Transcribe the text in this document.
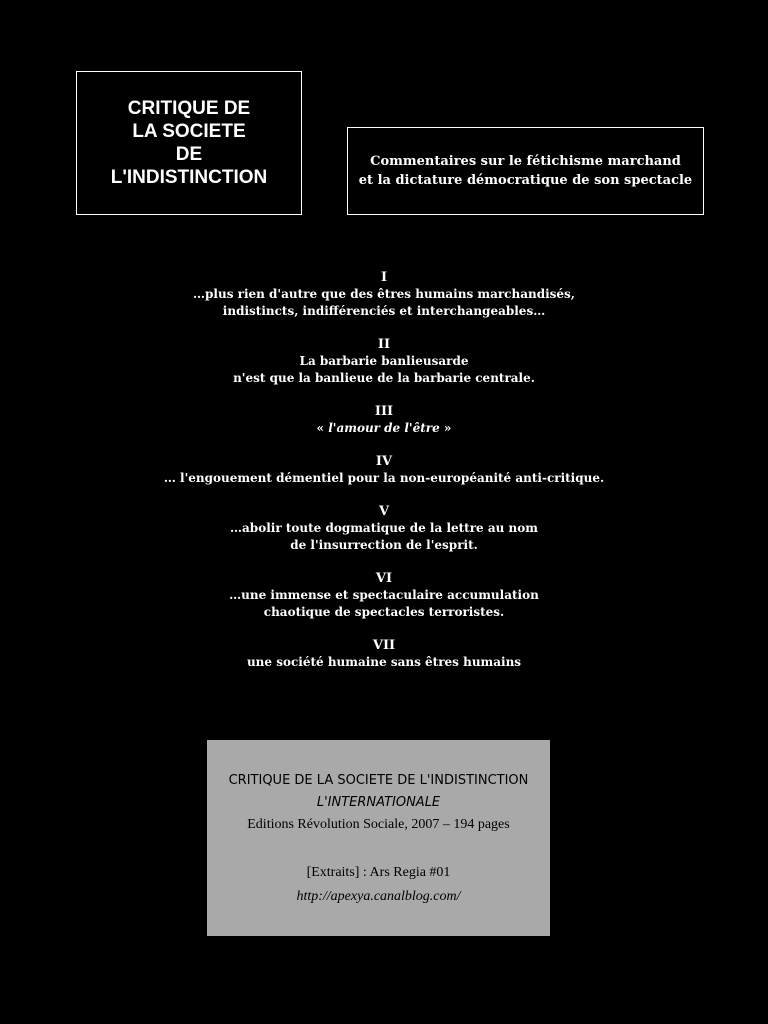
CRITIQUE DE
LA SOCIETE
DE
L'INDISTINCTION
Commentaires sur le fétichisme marchand
et la dictature démocratique de son spectacle
I
…plus rien d'autre que des êtres humains marchandisés,
indistincts, indifférenciés et interchangeables…
II
La barbarie banlieusarde
n'est que la banlieue de la barbarie centrale.
III
« l'amour de l'être »
IV
… l'engouement démentiel pour la non-européanité anti-critique.
V
…abolir toute dogmatique de la lettre au nom
de l'insurrection de l'esprit.
VI
…une immense et spectaculaire accumulation
chaotique de spectacles terroristes.
VII
une société humaine sans êtres humains
CRITIQUE DE LA SOCIETE DE L'INDISTINCTION
L'INTERNATIONALE
Editions Révolution Sociale, 2007 – 194 pages
[Extraits] : Ars Regia #01
http://apexya.canalblog.com/
